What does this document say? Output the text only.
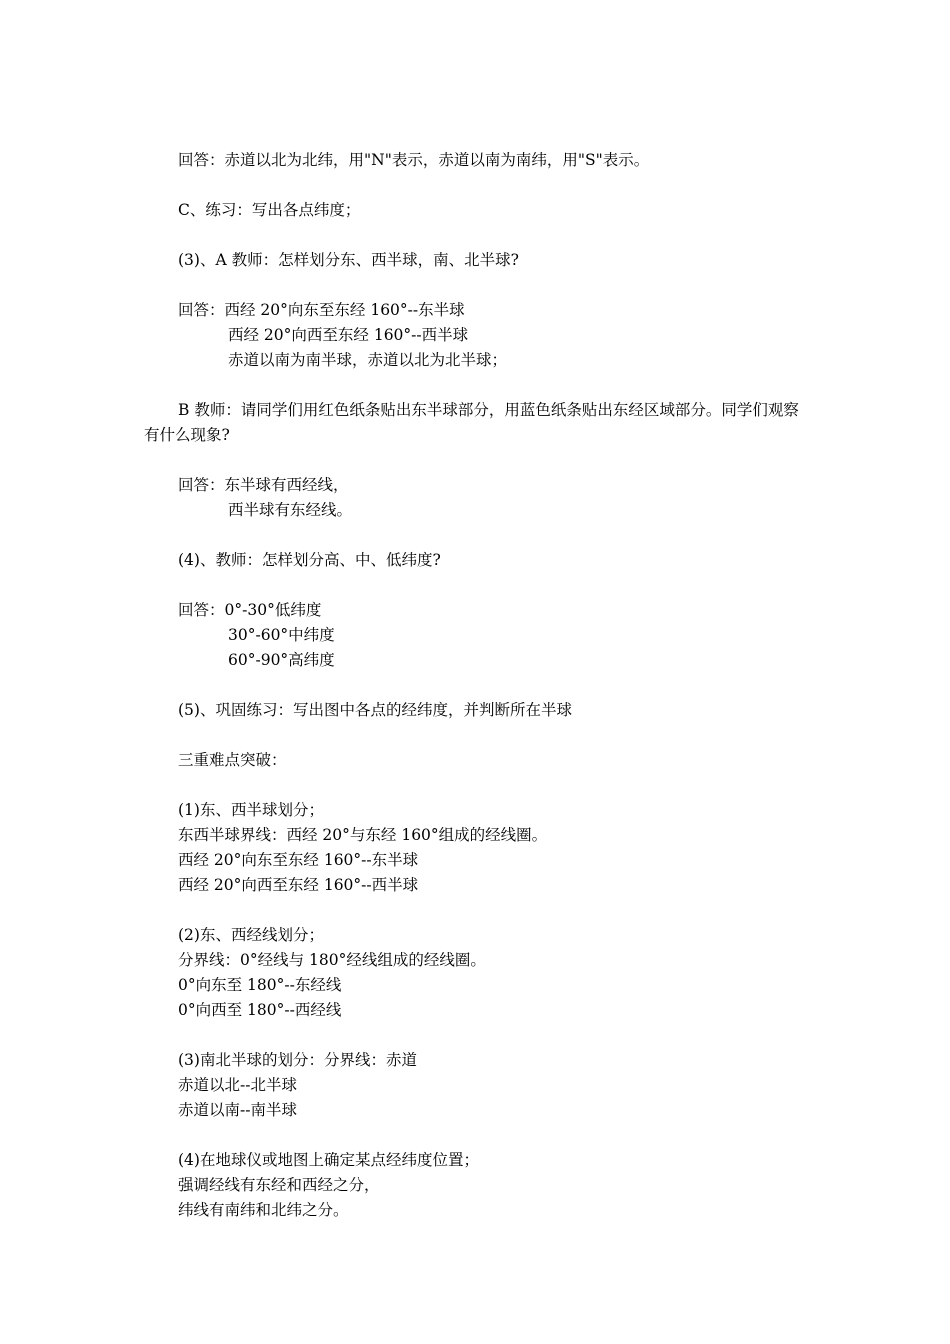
回答：赤道以北为北纬，用"N"表示，赤道以南为南纬，用"S"表示。
C、练习：写出各点纬度；
(3)、A 教师：怎样划分东、西半球，南、北半球?
回答：西经 20°向东至东经 160°--东半球
西经 20°向西至东经 160°--西半球
赤道以南为南半球，赤道以北为北半球；
B 教师：请同学们用红色纸条贴出东半球部分，用蓝色纸条贴出东经区域部分。同学们观察有什么现象?
回答：东半球有西经线，
西半球有东经线。
(4)、教师：怎样划分高、中、低纬度?
回答：0°-30°低纬度
30°-60°中纬度
60°-90°高纬度
(5)、巩固练习：写出图中各点的经纬度，并判断所在半球
三重难点突破：
(1)东、西半球划分；
东西半球界线：西经 20°与东经 160°组成的经线圈。
西经 20°向东至东经 160°--东半球
西经 20°向西至东经 160°--西半球
(2)东、西经线划分；
分界线：0°经线与 180°经线组成的经线圈。
0°向东至 180°--东经线
0°向西至 180°--西经线
(3)南北半球的划分：分界线：赤道
赤道以北--北半球
赤道以南--南半球
(4)在地球仪或地图上确定某点经纬度位置；
强调经线有东经和西经之分，
纬线有南纬和北纬之分。
